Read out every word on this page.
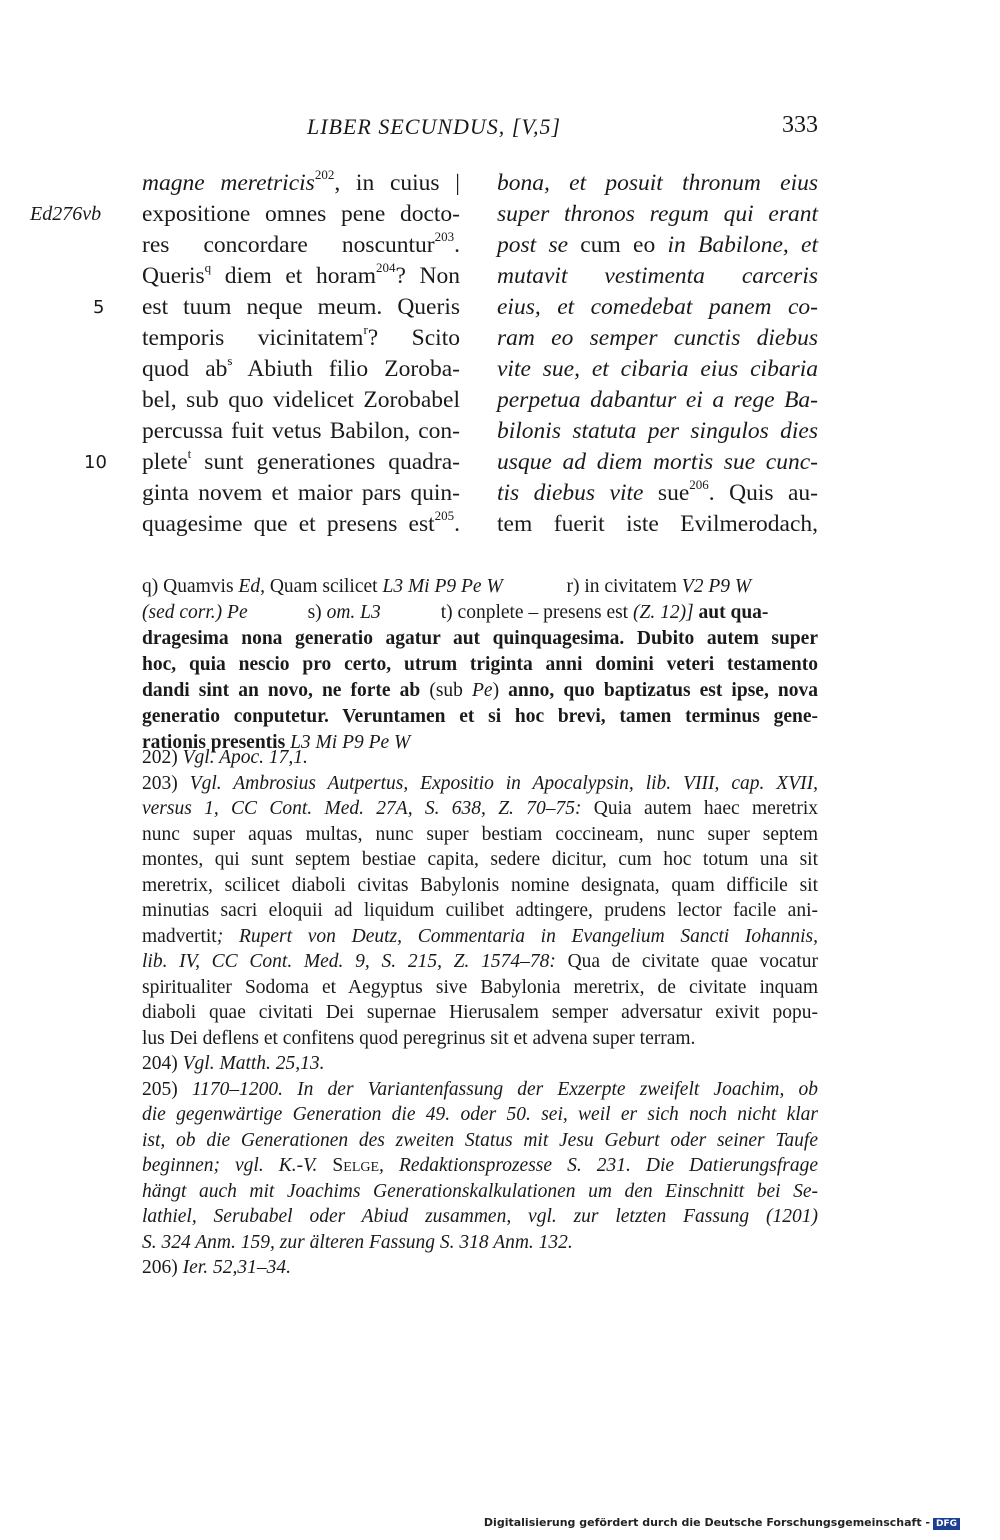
LIBER SECUNDUS, [V,5]	333
Ed276vb
5
10
magne meretricis$^{202}$, in cuius |
expositione omnes pene docto-
res concordare noscuntur$^{203}$.
Queris$^q$ diem et horam$^{204}$? Non
est tuum neque meum. Queris
temporis vicinitatem$^r$? Scito
quod $ab^s$ Abiuth filio Zoroba-
bel, sub quo videlicet Zorobabel
percussa fuit vetus Babilon, con-
plete$^t$ sunt generationes quadra-
ginta novem et maior pars quin-
quagesime que et presens est$^{205}$.
bona, et posuit thronum eius
super thronos regum qui erant
post se cum eo in Babilone, et
mutavit vestimenta carceris
eius, et comedebat panem co-
ram eo semper cunctis diebus
vite sue, et cibaria eius cibaria
perpetua dabantur ei a rege Ba-
bilonis statuta per singulos dies
usque ad diem mortis sue cunc-
tis diebus vite sue$^{206}$. Quis au-
tem fuerit iste Evilmerodach,
q) Quamvis Ed, Quam scilicet L3 Mi P9 Pe W	r) in civitatem V2 P9 W
(sed corr.) Pe	s) om. L3	t) conplete – presens est (Z. 12)] aut qua-
dragesima nona generatio agatur aut quinquagesima. Dubito autem super
hoc, quia nescio pro certo, utrum triginta anni domini veteri testamento
dandi sint an novo, ne forte ab (sub Pe) anno, quo baptizatus est ipse, nova
generatio conputetur. Veruntamen et si hoc brevi, tamen terminus gene-
rationis presentis L3 Mi P9 Pe W
202) Vgl. Apoc. 17,1.
203) Vgl. Ambrosius Autpertus, Expositio in Apocalypsin, lib. VIII, cap. XVII,
versus 1, CC Cont. Med. 27A, S. 638, Z. 70–75: Quia autem haec meretrix
nunc super aquas multas, nunc super bestiam coccineam, nunc super septem
montes, qui sunt septem bestiae capita, sedere dicitur, cum hoc totum una sit
meretrix, scilicet diaboli civitas Babylonis nomine designata, quam difficile sit
minutias sacri eloquii ad liquidum cuilibet adtingere, prudens lector facile ani-
madvertit; Rupert von Deutz, Commentaria in Evangelium Sancti Iohannis,
lib. IV, CC Cont. Med. 9, S. 215, Z. 1574–78: Qua de civitate quae vocatur
spiritualiter Sodoma et Aegyptus sive Babylonia meretrix, de civitate inquam
diaboli quae civitati Dei supernae Hierusalem semper adversatur exivit popu-
lus Dei deflens et confitens quod peregrinus sit et advena super terram.
204) Vgl. Matth. 25,13.
205) 1170–1200. In der Variantenfassung der Exzerpte zweifelt Joachim, ob
die gegenwärtige Generation die 49. oder 50. sei, weil er sich noch nicht klar
ist, ob die Generationen des zweiten Status mit Jesu Geburt oder seiner Taufe
beginnen; vgl. K.-V. Selge, Redaktionsprozesse S. 231. Die Datierungsfrage
hängt auch mit Joachims Generationskalkulationen um den Einschnitt bei Se-
lathiel, Serubabel oder Abiud zusammen, vgl. zur letzten Fassung (1201)
S. 324 Anm. 159, zur älteren Fassung S. 318 Anm. 132.
206) Ier. 52,31–34.
Digitalisierung gefördert durch die Deutsche Forschungsgemeinschaft - DFG
